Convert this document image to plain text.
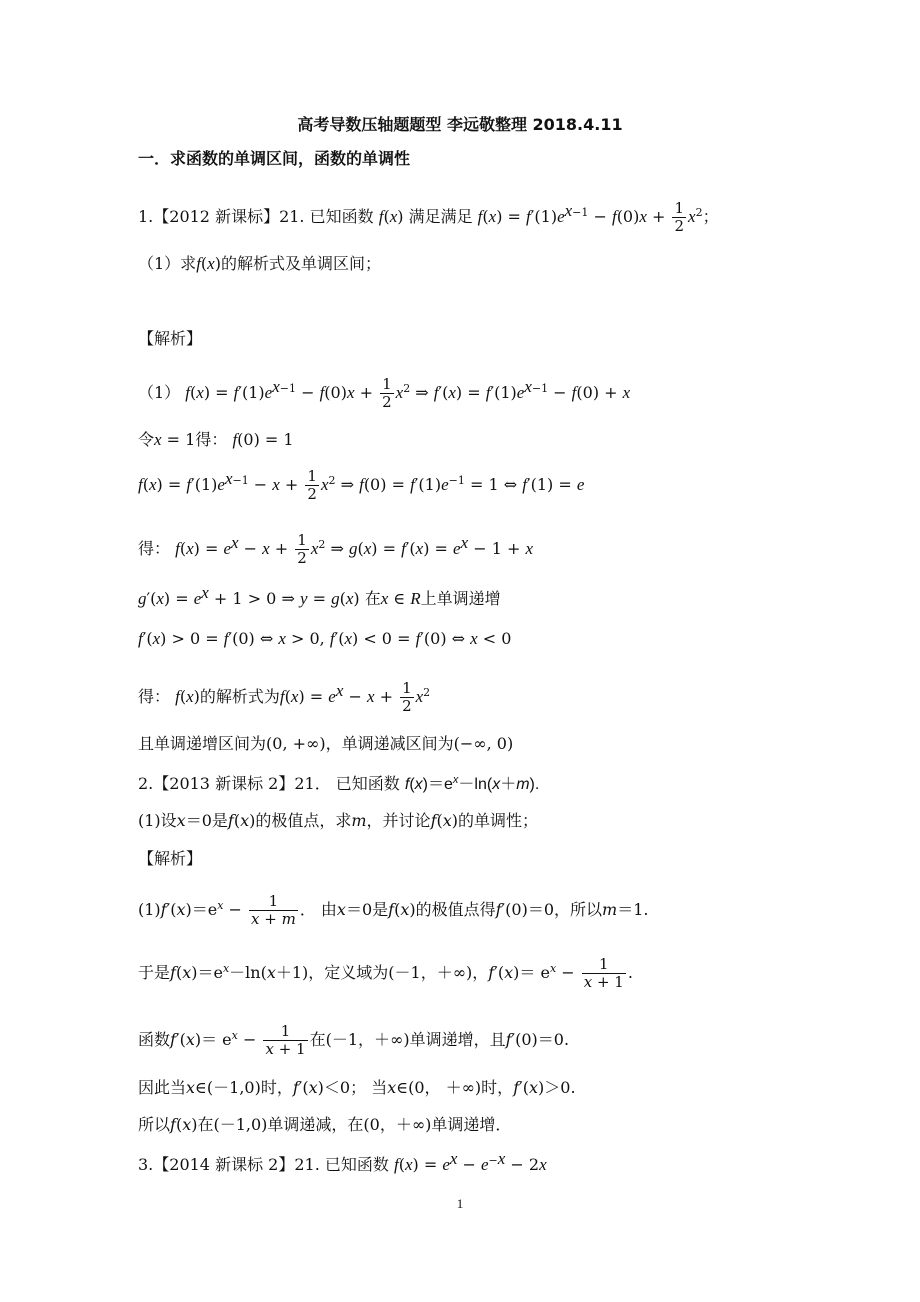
高考导数压轴题题型 李远敬整理 2018.4.11
一．求函数的单调区间，函数的单调性
1.【2012 新课标】21. 已知函数 f(x) 满足满足 $f(x) = f'(1)e^{x-1} - f(0)x + \frac{1}{2} x^2$；
（1）求f(x)的解析式及单调区间；
【解析】
（1） $f(x) = f'(1)e^{x-1} - f(0)x + \frac{1}{2} x^2$ ⇒ $f'(x) = f'(1)e^{x-1} - f(0) + x$
令x = 1得： f(0) = 1
$f(x) = f'(1)e^{x-1} - x + \frac{1}{2} x^2$ ⇒ $f(0) = f'(1)e^{-1} = 1$ ⇔ f′(1) = e
得： $f(x) = e^x - x + \frac{1}{2} x^2$ ⇒ $g(x) = f'(x) = e^x - 1 + x$
$g'(x) = e^x + 1 > 0$ ⇒ y = g(x) 在x ∈ R上单调递增
f′(x) > 0 = f′(0) ⇔ x > 0, f′(x) < 0 = f′(0) ⇔ x < 0
得： f(x)的解析式为$f(x) = e^x - x + \frac{1}{2} x^2$
且单调递增区间为(0, +∞)，单调递减区间为(−∞, 0)
2.【2013 新课标 2】21． 已知函数 $f(x)=e^x-\ln(x+m)$.
(1)设x＝0是f(x)的极值点，求m，并讨论f(x)的单调性；
【解析】
$(1)f'(x)=e^x - \frac{1}{x + m}$ ． 由x＝0是f(x)的极值点得f′(0)＝0，所以m＝1.
于是$f(x)=e^x-\ln(x+1)$，定义域为(－1，＋∞)，$f'(x)= e^x - \frac{1}{x + 1}$ .
函数$f'(x)= e^x - \frac{1}{x + 1}$ 在(－1，＋∞)单调递增，且f′(0)＝0.
因此当x∈(－1,0)时，f′(x)＜0； 当x∈(0， ＋∞)时，f′(x)＞0.
所以f(x)在(－1,0)单调递减，在(0，＋∞)单调递增．
3.【2014 新课标 2】21. 已知函数 $f(x) = e^x - e^{-x} - 2x$
1
